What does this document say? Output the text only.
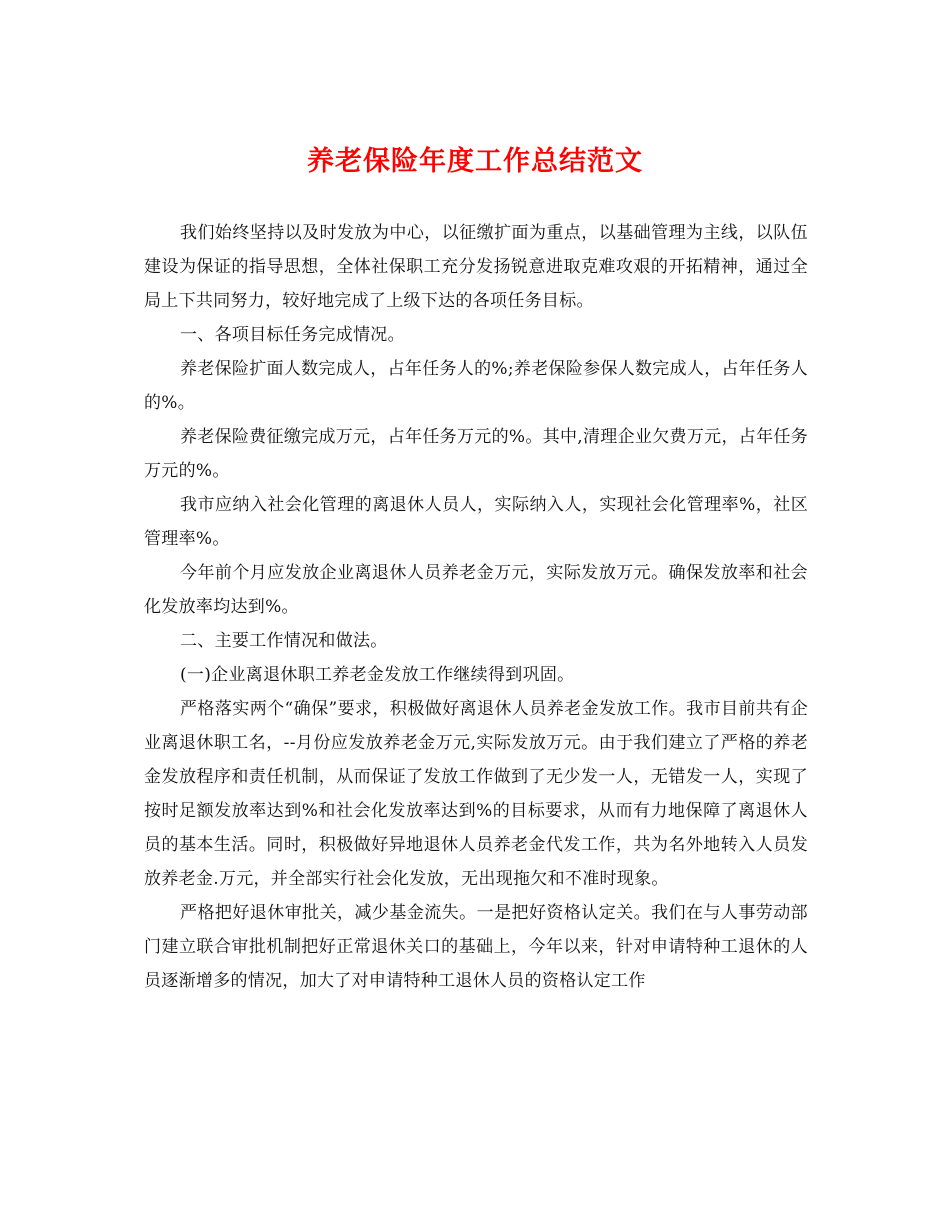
养老保险年度工作总结范文

我们始终坚持以及时发放为中心，以征缴扩面为重点，以基础管理为主线，以队伍建设为保证的指导思想，全体社保职工充分发扬锐意进取克难攻艰的开拓精神，通过全局上下共同努力，较好地完成了上级下达的各项任务目标。

一、各项目标任务完成情况。

养老保险扩面人数完成人，占年任务人的%;养老保险参保人数完成人，占年任务人的%。

养老保险费征缴完成万元，占年任务万元的%。其中,清理企业欠费万元，占年任务万元的%。

我市应纳入社会化管理的离退休人员人，实际纳入人，实现社会化管理率%，社区管理率%。

今年前个月应发放企业离退休人员养老金万元，实际发放万元。确保发放率和社会化发放率均达到%。

二、主要工作情况和做法。

(一)企业离退休职工养老金发放工作继续得到巩固。

严格落实两个“确保”要求，积极做好离退休人员养老金发放工作。我市目前共有企业离退休职工名，--月份应发放养老金万元,实际发放万元。由于我们建立了严格的养老金发放程序和责任机制，从而保证了发放工作做到了无少发一人，无错发一人，实现了按时足额发放率达到%和社会化发放率达到%的目标要求，从而有力地保障了离退休人员的基本生活。同时，积极做好异地退休人员养老金代发工作，共为名外地转入人员发放养老金.万元，并全部实行社会化发放，无出现拖欠和不准时现象。

严格把好退休审批关，减少基金流失。一是把好资格认定关。我们在与人事劳动部门建立联合审批机制把好正常退休关口的基础上，今年以来，针对申请特种工退休的人员逐渐增多的情况，加大了对申请特种工退休人员的资格认定工作
